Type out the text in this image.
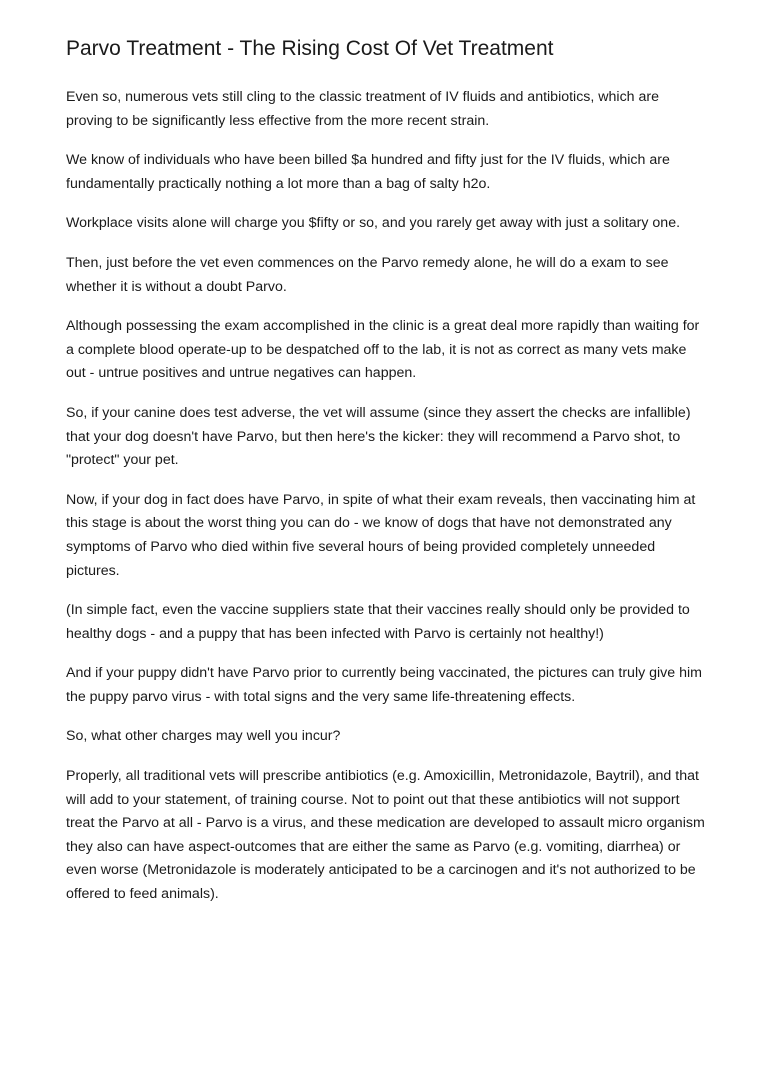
Parvo Treatment - The Rising Cost Of Vet Treatment

Even so, numerous vets still cling to the classic treatment of IV fluids and antibiotics, which are proving to be significantly less effective from the more recent strain.

We know of individuals who have been billed $a hundred and fifty just for the IV fluids, which are fundamentally practically nothing a lot more than a bag of salty h2o.

Workplace visits alone will charge you $fifty or so, and you rarely get away with just a solitary one.

Then, just before the vet even commences on the Parvo remedy alone, he will do a exam to see whether it is without a doubt Parvo.

Although possessing the exam accomplished in the clinic is a great deal more rapidly than waiting for a complete blood operate-up to be despatched off to the lab, it is not as correct as many vets make out - untrue positives and untrue negatives can happen.

So, if your canine does test adverse, the vet will assume (since they assert the checks are infallible) that your dog doesn't have Parvo, but then here's the kicker: they will recommend a Parvo shot, to "protect" your pet.

Now, if your dog in fact does have Parvo, in spite of what their exam reveals, then vaccinating him at this stage is about the worst thing you can do - we know of dogs that have not demonstrated any symptoms of Parvo who died within five several hours of being provided completely unneeded pictures.

(In simple fact, even the vaccine suppliers state that their vaccines really should only be provided to healthy dogs - and a puppy that has been infected with Parvo is certainly not healthy!)

And if your puppy didn't have Parvo prior to currently being vaccinated, the pictures can truly give him the puppy parvo virus - with total signs and the very same life-threatening effects.

So, what other charges may well you incur?

Properly, all traditional vets will prescribe antibiotics (e.g. Amoxicillin, Metronidazole, Baytril), and that will add to your statement, of training course. Not to point out that these antibiotics will not support treat the Parvo at all - Parvo is a virus, and these medication are developed to assault micro organism they also can have aspect-outcomes that are either the same as Parvo (e.g. vomiting, diarrhea) or even worse (Metronidazole is moderately anticipated to be a carcinogen and it's not authorized to be offered to feed animals).
